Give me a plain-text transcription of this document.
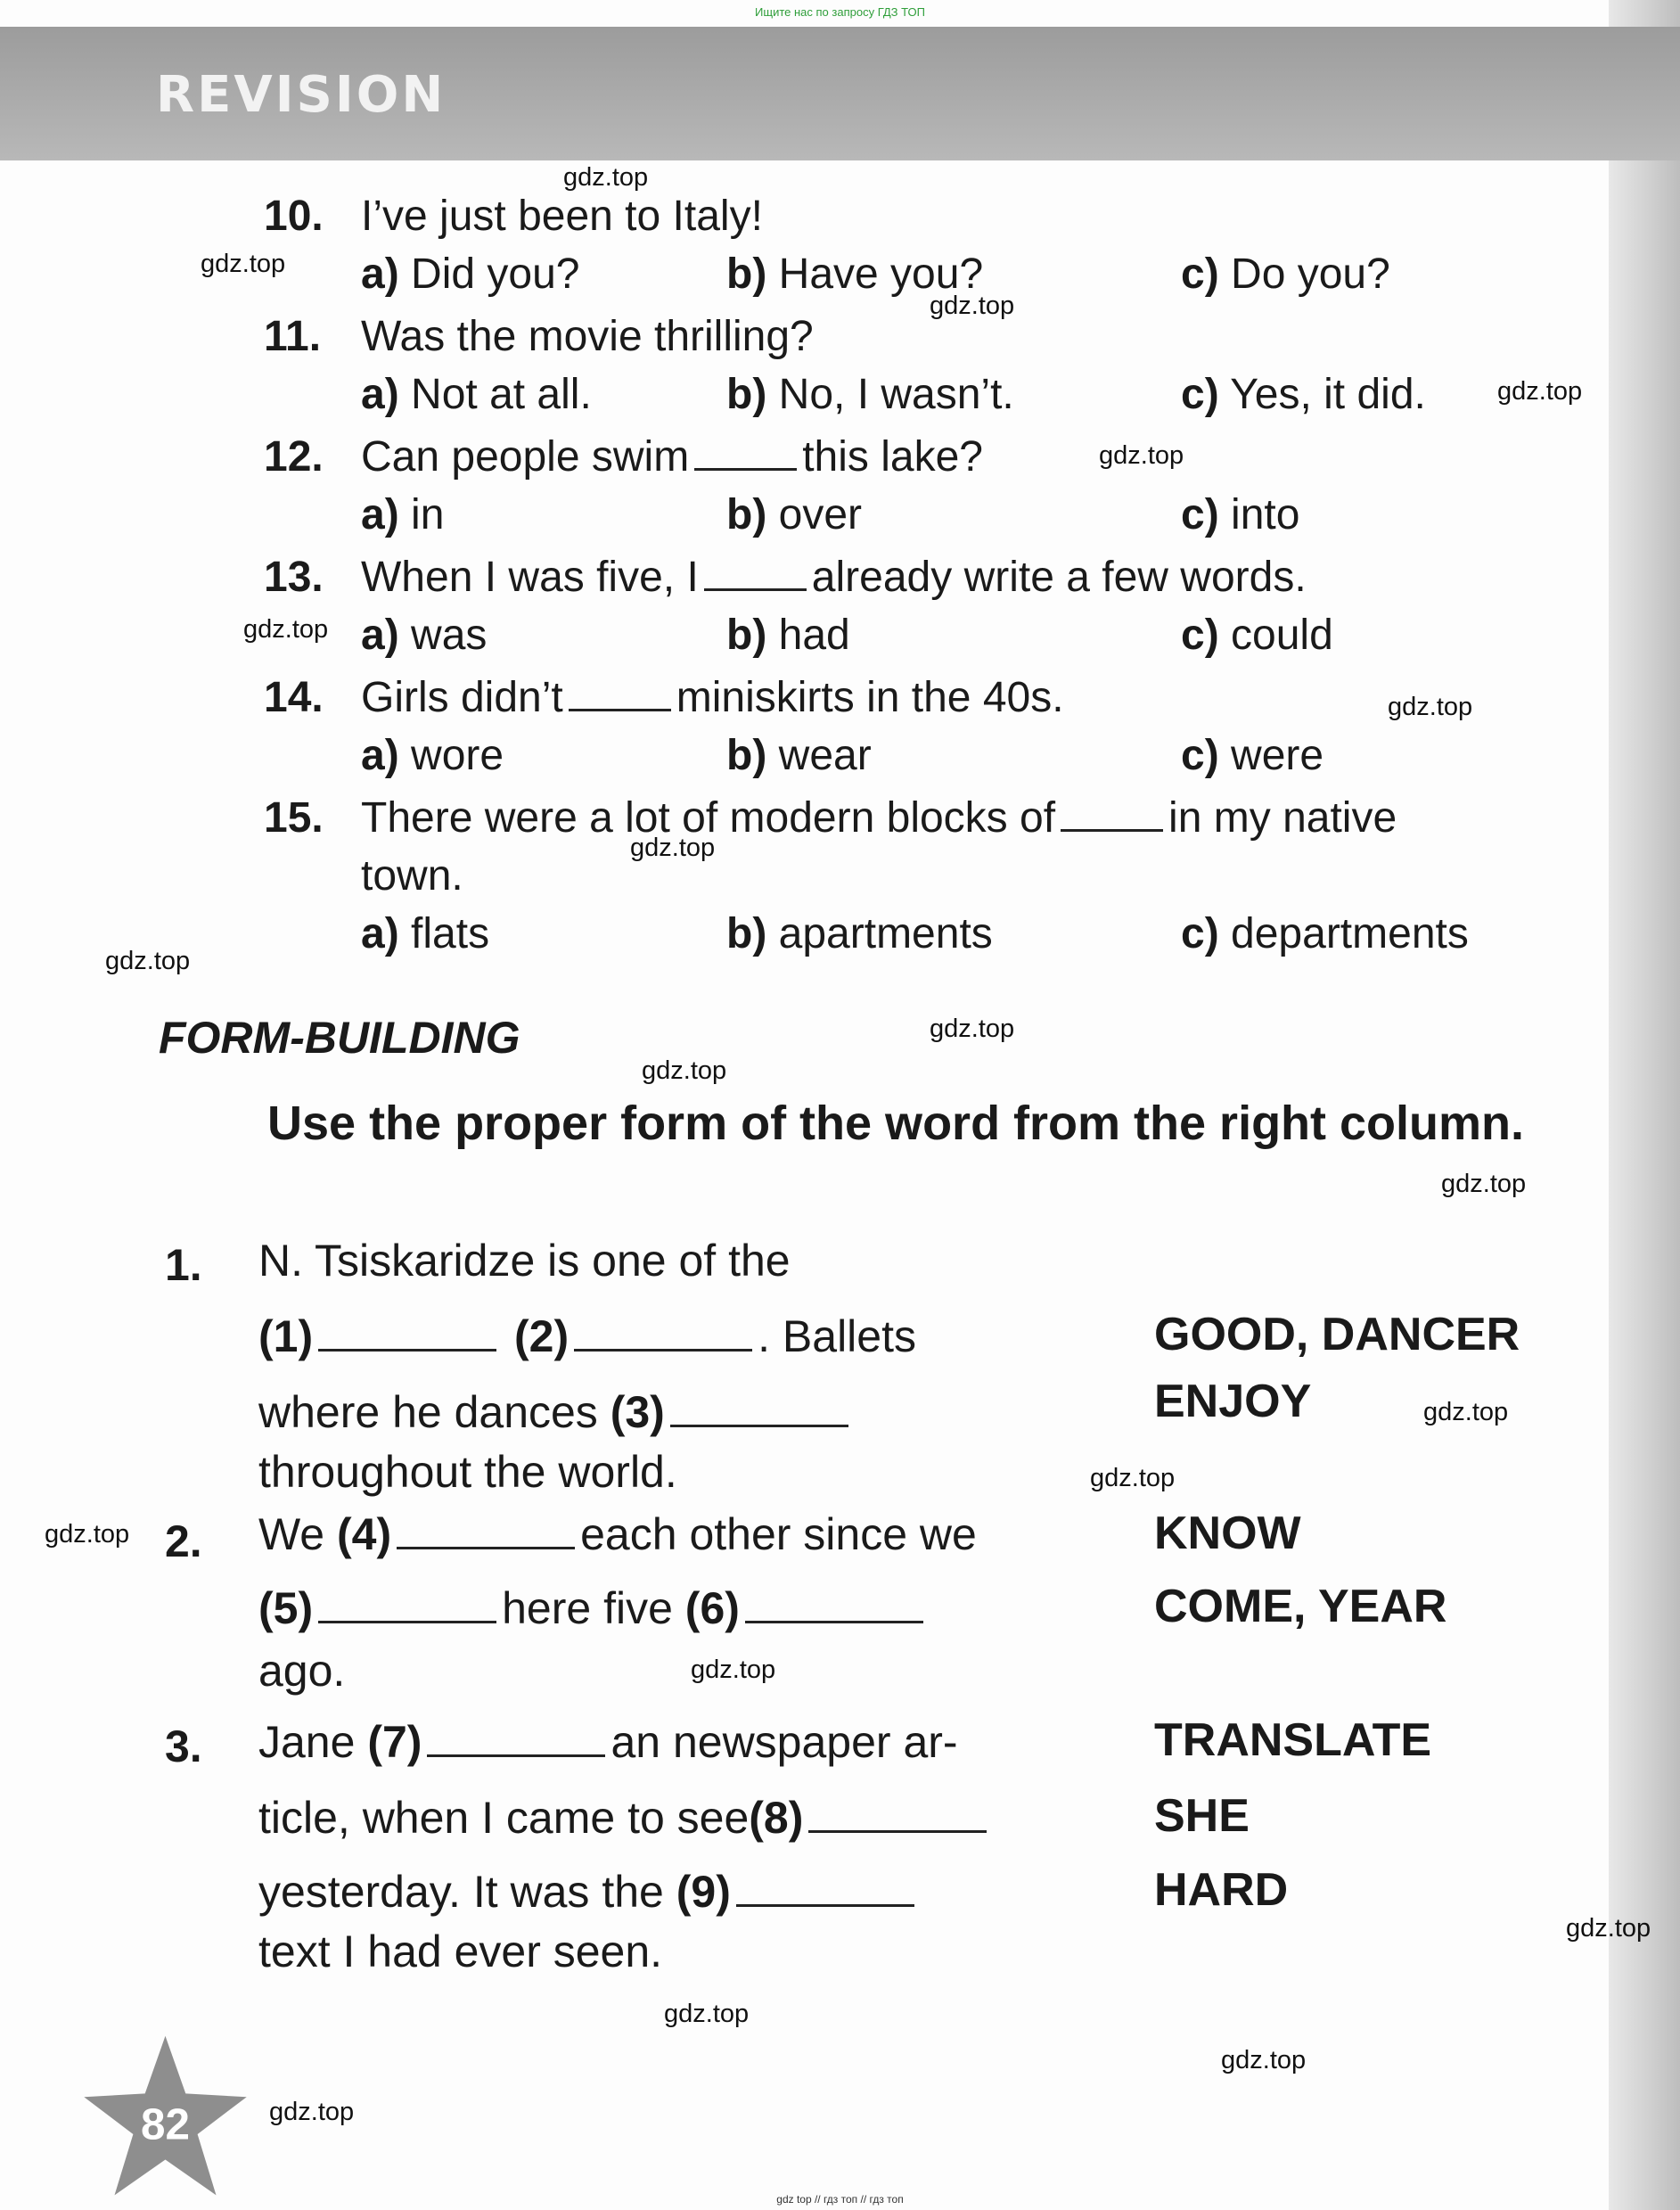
Ищите нас по запросу ГДЗ ТОП
REVISION
10. I’ve just been to Italy!
a) Did you?	b) Have you?	c) Do you?
11. Was the movie thrilling?
a) Not at all.	b) No, I wasn’t.	c) Yes, it did.
12. Can people swim	this lake?
a) in	b) over	c) into
13. When I was five, I	already write a few words.
a) was	b) had	c) could
14. Girls didn’t	miniskirts in the 40s.
a) wore	b) wear	c) were
15. There were a lot of modern blocks of	in my native
town.
a) flats	b) apartments	c) departments
FORM-BUILDING
Use the proper form of the word from the right column.
1. N. Tsiskaridze is one of the
(1)	(2)	. Ballets	GOOD, DANCER
where he dances (3)	ENJOY
throughout the world.
2. We (4)	each other since we	KNOW
(5)	here five (6)	COME, YEAR
ago.
3. Jane (7)	an newspaper ar-	TRANSLATE
ticle, when I came to see(8)	SHE
yesterday. It was the (9)	HARD
text I had ever seen.
82
gdz.top
gdz.top
gdz.top
gdz.top
gdz.top
gdz.top
gdz.top
gdz.top
gdz.top
gdz.top
gdz.top
gdz.top
gdz.top
gdz.top
gdz.top
gdz.top
gdz.top
gdz.top
gdz.top
gdz.top
gdz top // гдз топ // гдз топ
